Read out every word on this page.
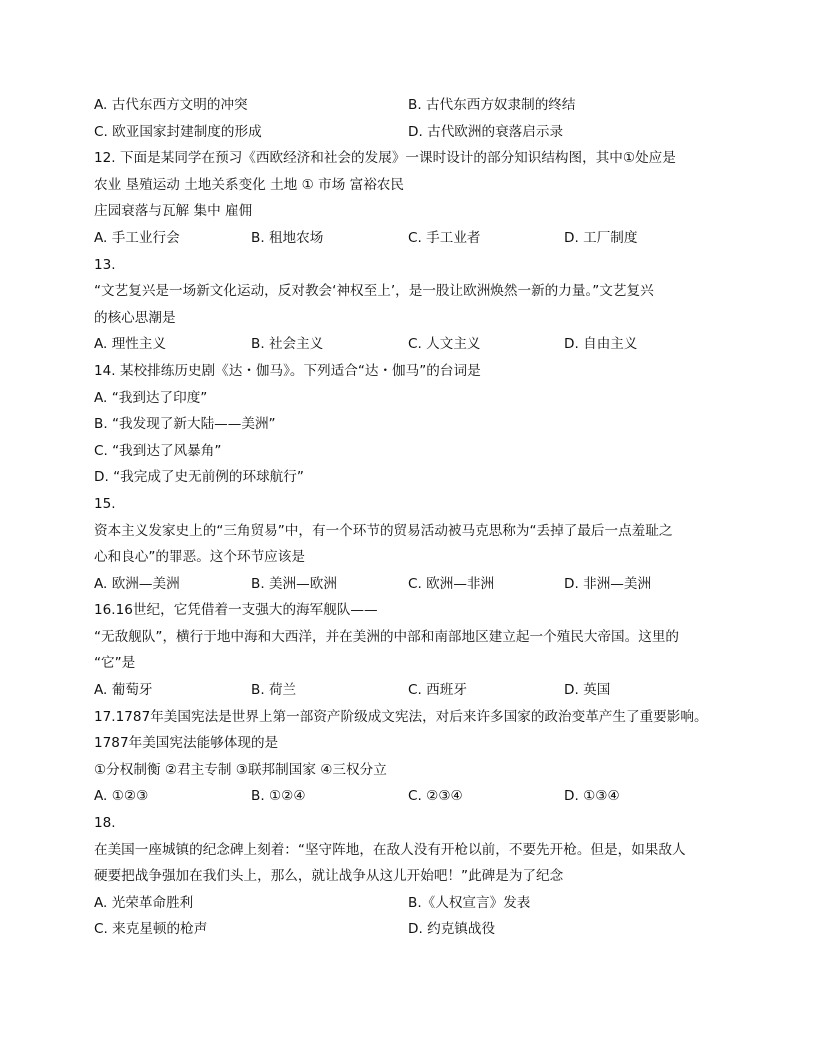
A. 古代东西方文明的冲突	B. 古代东西方奴隶制的终结
C. 欧亚国家封建制度的形成	D. 古代欧洲的衰落启示录
12. 下面是某同学在预习《西欧经济和社会的发展》一课时设计的部分知识结构图，其中①处应是
农业 垦殖运动 土地关系变化 土地 ① 市场 富裕农民
庄园衰落与瓦解 集中 雇佣
A. 手工业行会	B. 租地农场	C. 手工业者	D. 工厂制度
13.
“文艺复兴是一场新文化运动，反对教会‘神权至上’，是一股让欧洲焕然一新的力量。”文艺复兴
的核心思潮是
A. 理性主义	B. 社会主义	C. 人文主义	D. 自由主义
14. 某校排练历史剧《达・伽马》。下列适合“达・伽马”的台词是
A. “我到达了印度”
B. “我发现了新大陆——美洲”
C. “我到达了风暴角”
D. “我完成了史无前例的环球航行”
15.
资本主义发家史上的“三角贸易”中，有一个环节的贸易活动被马克思称为“丢掉了最后一点羞耻之
心和良心”的罪恶。这个环节应该是
A. 欧洲—美洲	B. 美洲—欧洲	C. 欧洲—非洲	D. 非洲—美洲
16.16世纪，它凭借着一支强大的海军舰队——
“无敌舰队”，横行于地中海和大西洋，并在美洲的中部和南部地区建立起一个殖民大帝国。这里的
“它”是
A. 葡萄牙	B. 荷兰	C. 西班牙	D. 英国
17.1787年美国宪法是世界上第一部资产阶级成文宪法，对后来许多国家的政治变革产生了重要影响。
1787年美国宪法能够体现的是
①分权制衡 ②君主专制 ③联邦制国家 ④三权分立
A. ①②③	B. ①②④	C. ②③④	D. ①③④
18.
在美国一座城镇的纪念碑上刻着：“坚守阵地，在敌人没有开枪以前，不要先开枪。但是，如果敌人
硬要把战争强加在我们头上，那么，就让战争从这儿开始吧！”此碑是为了纪念
A. 光荣革命胜利	B.《人权宣言》发表
C. 来克星顿的枪声	D. 约克镇战役
